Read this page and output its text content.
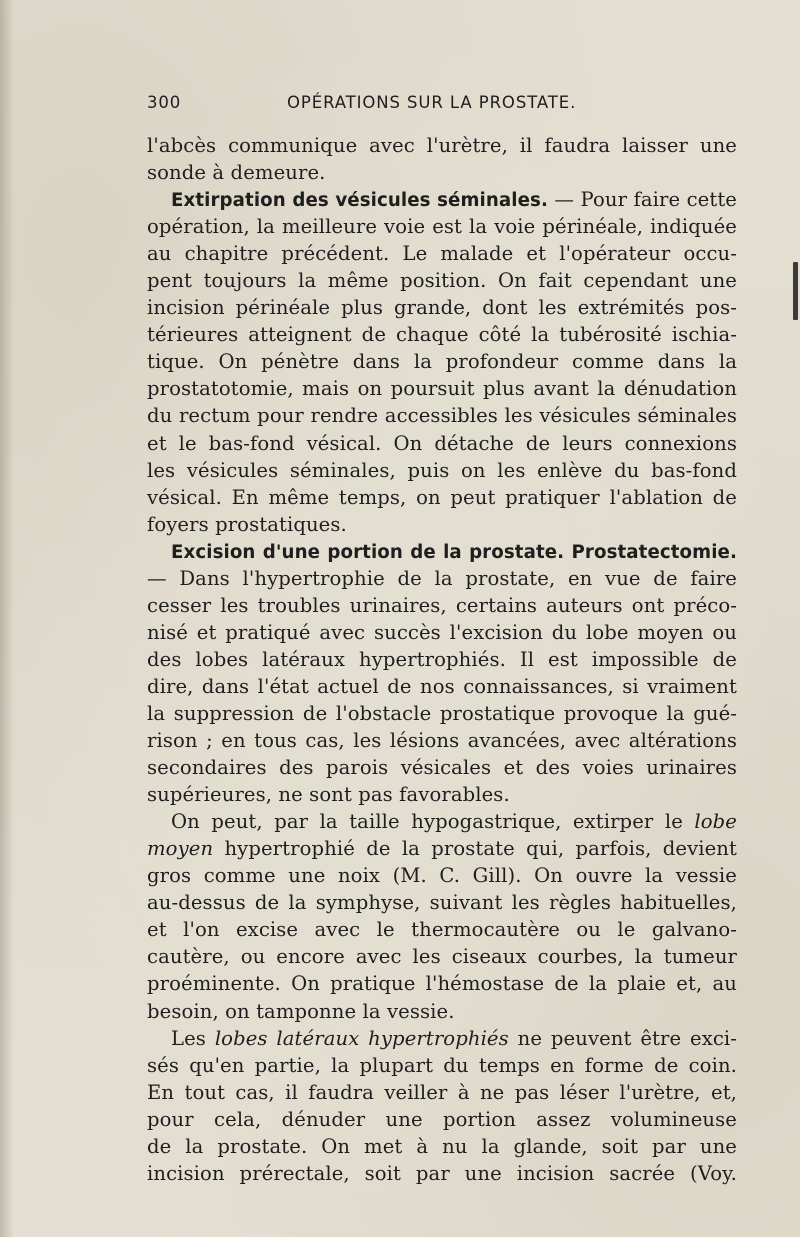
300	OPÉRATIONS SUR LA PROSTATE.
l'abcès communique avec l'urètre, il faudra laisser une
sonde à demeure.
Extirpation des vésicules séminales. — Pour faire cette
opération, la meilleure voie est la voie périnéale, indiquée
au chapitre précédent. Le malade et l'opérateur occu-
pent toujours la même position. On fait cependant une
incision périnéale plus grande, dont les extrémités pos-
térieures atteignent de chaque côté la tubérosité ischia-
tique. On pénètre dans la profondeur comme dans la
prostatotomie, mais on poursuit plus avant la dénudation
du rectum pour rendre accessibles les vésicules séminales
et le bas-fond vésical. On détache de leurs connexions
les vésicules séminales, puis on les enlève du bas-fond
vésical. En même temps, on peut pratiquer l'ablation de
foyers prostatiques.
Excision d'une portion de la prostate. Prostatectomie.
— Dans l'hypertrophie de la prostate, en vue de faire
cesser les troubles urinaires, certains auteurs ont préco-
nisé et pratiqué avec succès l'excision du lobe moyen ou
des lobes latéraux hypertrophiés. Il est impossible de
dire, dans l'état actuel de nos connaissances, si vraiment
la suppression de l'obstacle prostatique provoque la gué-
rison ; en tous cas, les lésions avancées, avec altérations
secondaires des parois vésicales et des voies urinaires
supérieures, ne sont pas favorables.
On peut, par la taille hypogastrique, extirper le lobe
moyen hypertrophié de la prostate qui, parfois, devient
gros comme une noix (M. C. Gill). On ouvre la vessie
au-dessus de la symphyse, suivant les règles habituelles,
et l'on excise avec le thermocautère ou le galvano-
cautère, ou encore avec les ciseaux courbes, la tumeur
proéminente. On pratique l'hémostase de la plaie et, au
besoin, on tamponne la vessie.
Les lobes latéraux hypertrophiés ne peuvent être exci-
sés qu'en partie, la plupart du temps en forme de coin.
En tout cas, il faudra veiller à ne pas léser l'urètre, et,
pour cela, dénuder une portion assez volumineuse
de la prostate. On met à nu la glande, soit par une
incision prérectale, soit par une incision sacrée (Voy.
